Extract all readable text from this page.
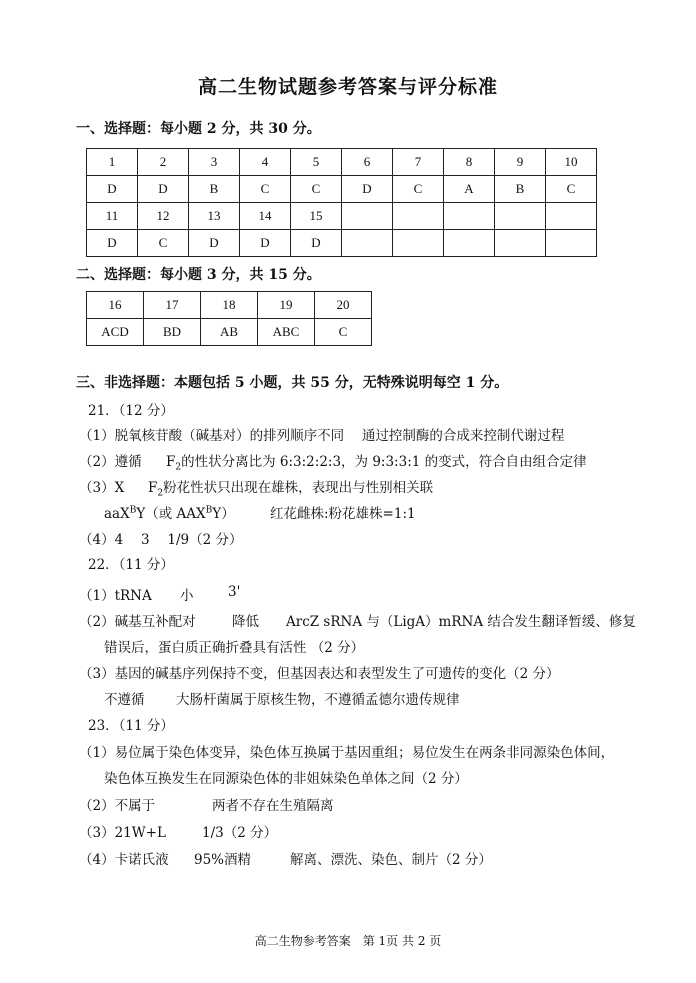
高二生物试题参考答案与评分标准
一、选择题：每小题 2 分，共 30 分。
1	2	3	4	5	6	7	8	9	10
D	D	B	C	C	D	C	A	B	C
11	12	13	14	15					
D	C	D	D	D					
二、选择题：每小题 3 分，共 15 分。
16	17	18	19	20
ACD	BD	AB	ABC	C
三、非选择题：本题包括 5 小题，共 55 分，无特殊说明每空 1 分。
21．（12 分）
（1）脱氧核苷酸（碱基对）的排列顺序不同　 通过控制酶的合成来控制代谢过程
（2）遵循 $F_2$的性状分离比为 6:3:2:2:3，为 9:3:3:1 的变式，符合自由组合定律
（3）X $F_2$粉花性状只出现在雄株，表现出与性别相关联
aaX$^B$Y（或 $AAX^BY$）	红花雌株:粉花雄株=1:1
（4）4　 3　 1/9（2 分）
22．（11 分）
（1）tRNA 小	3'
（2）碱基互补配对	降低 ArcZ sRNA 与（LigA）mRNA 结合发生翻译暂缓、修复
错误后，蛋白质正确折叠具有活性 （2 分）
（3）基因的碱基序列保持不变，但基因表达和表型发生了可遗传的变化（2 分）
不遵循 大肠杆菌属于原核生物，不遵循孟德尔遗传规律
23．（11 分）
（1）易位属于染色体变异，染色体互换属于基因重组；易位发生在两条非同源染色体间，
染色体互换发生在同源染色体的非姐妹染色单体之间（2 分）
（2）不属于	两者不存在生殖隔离
（3）21W+L	1/3（2 分）
（4）卡诺氏液 95%酒精	解离、漂洗、染色、制片（2 分）
高二生物参考答案　第 1页 共 2 页
